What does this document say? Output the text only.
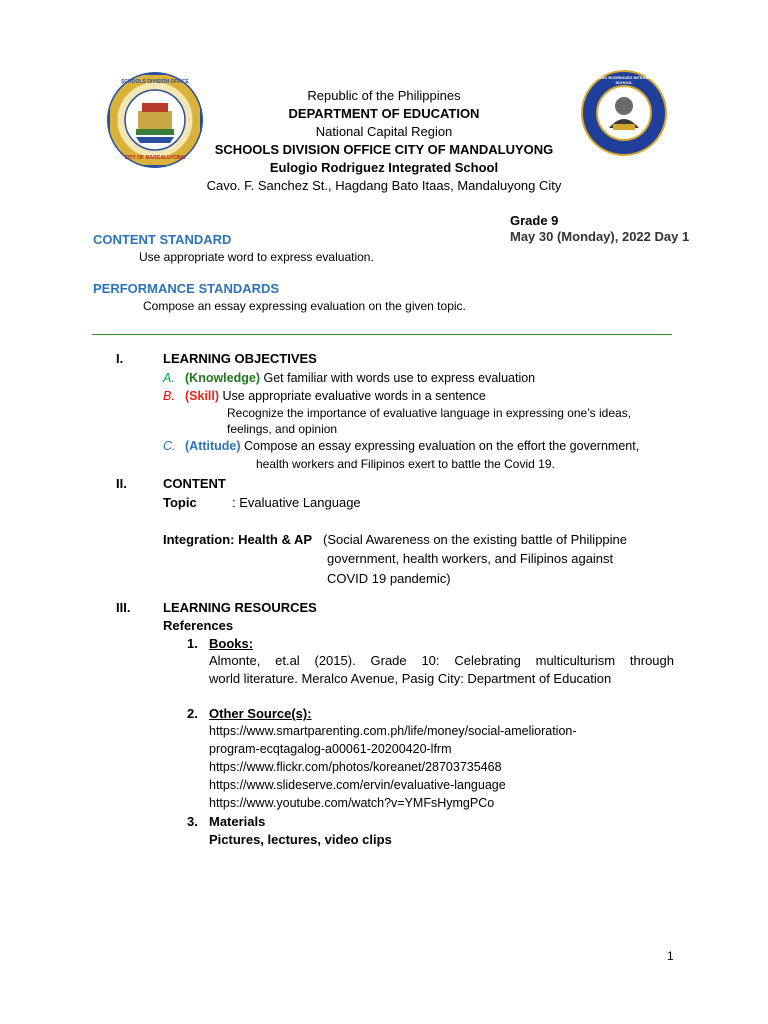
SCHOOLS DIVISION OFFICE
CITY OF MANDALUYONG
EULOGIO RODRIGUEZ INTEGRATED SCHOOL
Republic of the Philippines
DEPARTMENT OF EDUCATION
National Capital Region
SCHOOLS DIVISION OFFICE CITY OF MANDALUYONG
Eulogio Rodriguez Integrated School
Cavo. F. Sanchez St., Hagdang Bato Itaas, Mandaluyong City
Grade 9
May 30 (Monday), 2022 Day 1
CONTENT STANDARD
Use appropriate word to express evaluation.
PERFORMANCE STANDARDS
Compose an essay expressing evaluation on the given topic.
I.	LEARNING OBJECTIVES
A. (Knowledge) Get familiar with words use to express evaluation
B. (Skill) Use appropriate evaluative words in a sentence
Recognize the importance of evaluative language in expressing one’s ideas,
feelings, and opinion
C. (Attitude) Compose an essay expressing evaluation on the effort the government,
health workers and Filipinos exert to battle the Covid 19.
II.	CONTENT
Topic	: Evaluative Language
Integration: Health & AP (Social Awareness on the existing battle of Philippine
government, health workers, and Filipinos against
COVID 19 pandemic)
III.	LEARNING RESOURCES
References
1. Books:
Almonte, et.al (2015). Grade 10: Celebrating multiculturism through
world literature. Meralco Avenue, Pasig City: Department of Education
2. Other Source(s):
https://www.smartparenting.com.ph/life/money/social-amelioration-
program-ecqtagalog-a00061-20200420-lfrm
https://www.flickr.com/photos/koreanet/28703735468
https://www.slideserve.com/ervin/evaluative-language
https://www.youtube.com/watch?v=YMFsHymgPCo
3. Materials
Pictures, lectures, video clips
1
